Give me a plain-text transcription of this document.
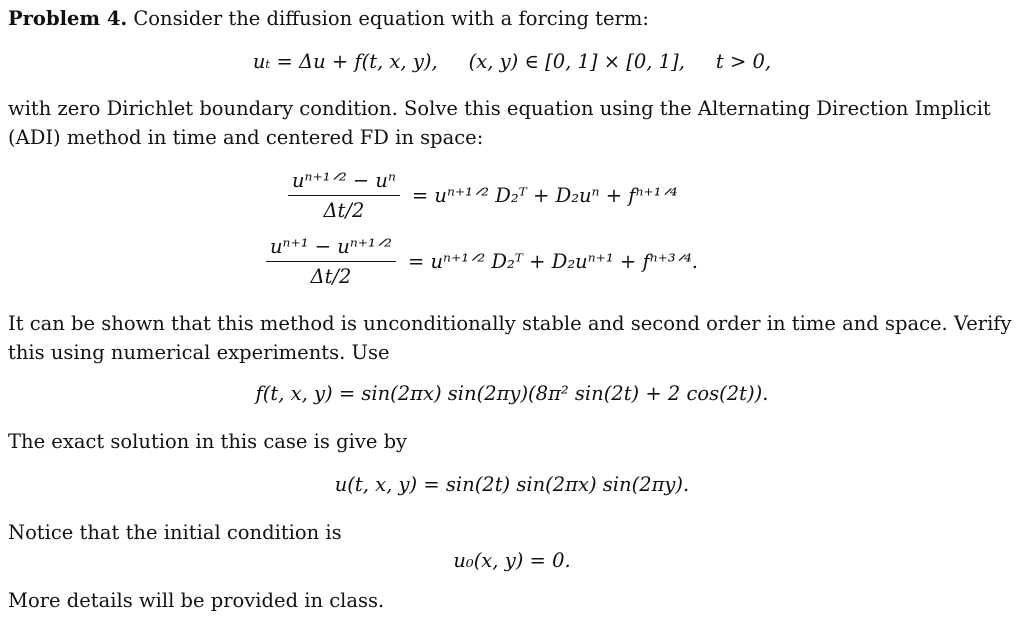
Problem 4. Consider the diffusion equation with a forcing term:
uₜ = Δu + f(t, x, y), (x, y) ∈ [0, 1] × [0, 1], t > 0,
with zero Dirichlet boundary condition. Solve this equation using the Alternating Direction Implicit (ADI) method in time and centered FD in space:
$\frac{\text{uⁿ⁺¹ᐟ² − uⁿ}}{\Delta t/2}$ = uⁿ⁺¹ᐟ² D₂ᵀ + D₂uⁿ + fⁿ⁺¹ᐟ⁴
$\frac{\text{uⁿ⁺¹ − uⁿ⁺¹ᐟ²}}{\Delta t/2}$ = uⁿ⁺¹ᐟ² D₂ᵀ + D₂uⁿ⁺¹ + fⁿ⁺³ᐟ⁴.
It can be shown that this method is unconditionally stable and second order in time and space. Verify this using numerical experiments. Use
f(t, x, y) = sin(2πx) sin(2πy)(8π² sin(2t) + 2 cos(2t)).
The exact solution in this case is give by
u(t, x, y) = sin(2t) sin(2πx) sin(2πy).
Notice that the initial condition is
u₀(x, y) = 0.
More details will be provided in class.
